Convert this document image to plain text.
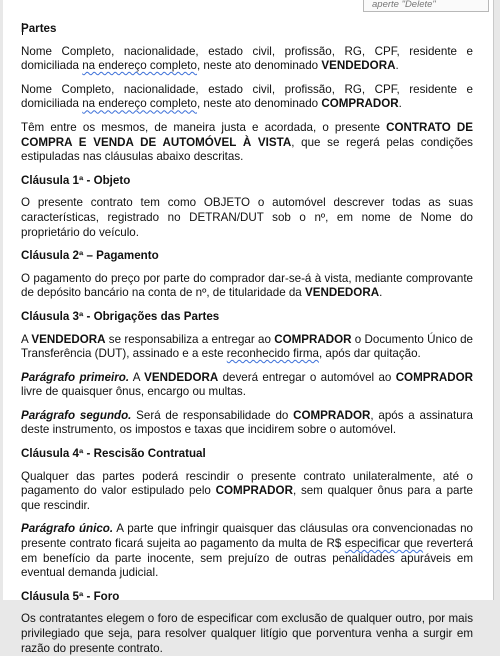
aperte "Delete"

Partes

Nome Completo, nacionalidade, estado civil, profissão, RG, CPF, residente e domiciliada na endereço completo, neste ato denominado VENDEDORA.

Nome Completo, nacionalidade, estado civil, profissão, RG, CPF, residente e domiciliada na endereço completo, neste ato denominado COMPRADOR.

Têm entre os mesmos, de maneira justa e acordada, o presente CONTRATO DE COMPRA E VENDA DE AUTOMÓVEL À VISTA, que se regerá pelas condições estipuladas nas cláusulas abaixo descritas.

Cláusula 1ª - Objeto

O presente contrato tem como OBJETO o automóvel descrever todas as suas características, registrado no DETRAN/DUT sob o nº, em nome de Nome do proprietário do veículo.

Cláusula 2ª – Pagamento

O pagamento do preço por parte do comprador dar-se-á à vista, mediante comprovante de depósito bancário na conta de nº, de titularidade da VENDEDORA.

Cláusula 3ª - Obrigações das Partes

A VENDEDORA se responsabiliza a entregar ao COMPRADOR o Documento Único de Transferência (DUT), assinado e a este reconhecido firma, após dar quitação.

Parágrafo primeiro. A VENDEDORA deverá entregar o automóvel ao COMPRADOR livre de quaisquer ônus, encargo ou multas.

Parágrafo segundo. Será de responsabilidade do COMPRADOR, após a assinatura deste instrumento, os impostos e taxas que incidirem sobre o automóvel.

Cláusula 4ª - Rescisão Contratual

Qualquer das partes poderá rescindir o presente contrato unilateralmente, até o pagamento do valor estipulado pelo COMPRADOR, sem qualquer ônus para a parte que rescindir.

Parágrafo único. A parte que infringir quaisquer das cláusulas ora convencionadas no presente contrato ficará sujeita ao pagamento da multa de R$ especificar que reverterá em benefício da parte inocente, sem prejuízo de outras penalidades apuráveis em eventual demanda judicial.

Cláusula 5ª - Foro

Os contratantes elegem o foro de especificar com exclusão de qualquer outro, por mais privilegiado que seja, para resolver qualquer litígio que porventura venha a surgir em razão do presente contrato.
